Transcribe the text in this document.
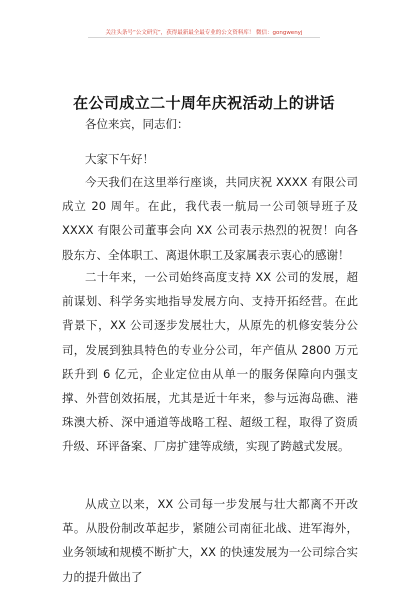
关注头条号“公文研究”，获得最新最全最专业的公文资料库！ 微信：gongwenyj
在公司成立二十周年庆祝活动上的讲话
各位来宾，同志们：
大家下午好！

今天我们在这里举行座谈，共同庆祝 XXXX 有限公司成立 20 周年。在此，我代表一航局一公司领导班子及 XXXX 有限公司董事会向 XX 公司表示热烈的祝贺！向各股东方、全体职工、离退休职工及家属表示衷心的感谢！

二十年来，一公司始终高度支持 XX 公司的发展，超前谋划、科学务实地指导发展方向、支持开拓经营。在此背景下，XX 公司逐步发展壮大，从原先的机修安装分公司，发展到独具特色的专业分公司，年产值从 2800 万元跃升到 6 亿元，企业定位由从单一的服务保障向内强支撑、外营创效拓展，尤其是近十年来，参与远海岛礁、港珠澳大桥、深中通道等战略工程、超级工程，取得了资质升级、环评备案、厂房扩建等成绩，实现了跨越式发展。

从成立以来，XX 公司每一步发展与壮大都离不开改革。从股份制改革起步，紧随公司南征北战、进军海外，业务领域和规模不断扩大，XX 的快速发展为一公司综合实力的提升做出了
